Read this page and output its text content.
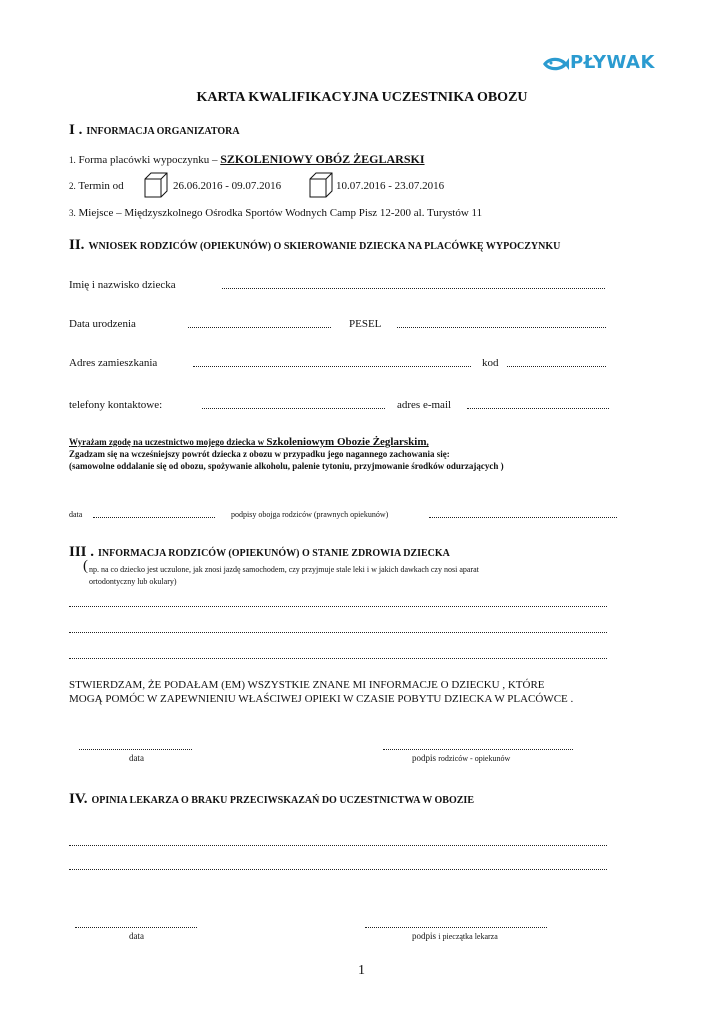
PŁYWAK
KARTA KWALIFIKACYJNA UCZESTNIKA OBOZU
I . INFORMACJA ORGANIZATORA
1. Forma placówki wypoczynku – SZKOLENIOWY OBÓZ ŻEGLARSKI
2. Termin od	26.06.2016 - 09.07.2016	10.07.2016 - 23.07.2016
3. Miejsce – Międzyszkolnego Ośrodka Sportów Wodnych Camp Pisz 12-200 al. Turystów 11
II. WNIOSEK RODZICÓW (OPIEKUNÓW) O SKIEROWANIE DZIECKA NA PLACÓWKĘ WYPOCZYNKU
Imię i nazwisko dziecka
Data urodzenia	PESEL
Adres zamieszkania	kod
telefony kontaktowe:	adres e-mail
Wyrażam zgodę na uczestnictwo mojego dziecka w Szkoleniowym Obozie Żeglarskim,
Zgadzam się na wcześniejszy powrót dziecka z obozu w przypadku jego nagannego zachowania się:
(samowolne oddalanie się od obozu, spożywanie alkoholu, palenie tytoniu, przyjmowanie środków odurzających )
data	podpisy obojga rodziców (prawnych opiekunów)
III . INFORMACJA RODZICÓW (OPIEKUNÓW) O STANIE ZDROWIA DZIECKA
( np. na co dziecko jest uczulone, jak znosi jazdę samochodem, czy przyjmuje stale leki i w jakich dawkach czy nosi aparat
ortodontyczny lub okulary)
STWIERDZAM, ŻE PODAŁAM (EM) WSZYSTKIE ZNANE MI INFORMACJE O DZIECKU , KTÓRE
MOGĄ POMÓC W ZAPEWNIENIU WŁAŚCIWEJ OPIEKI W CZASIE POBYTU DZIECKA W PLACÓWCE .
data	podpis rodziców - opiekunów
IV. OPINIA LEKARZA O BRAKU PRZECIWSKAZAŃ DO UCZESTNICTWA W OBOZIE
data	podpis i pieczątka lekarza
1
